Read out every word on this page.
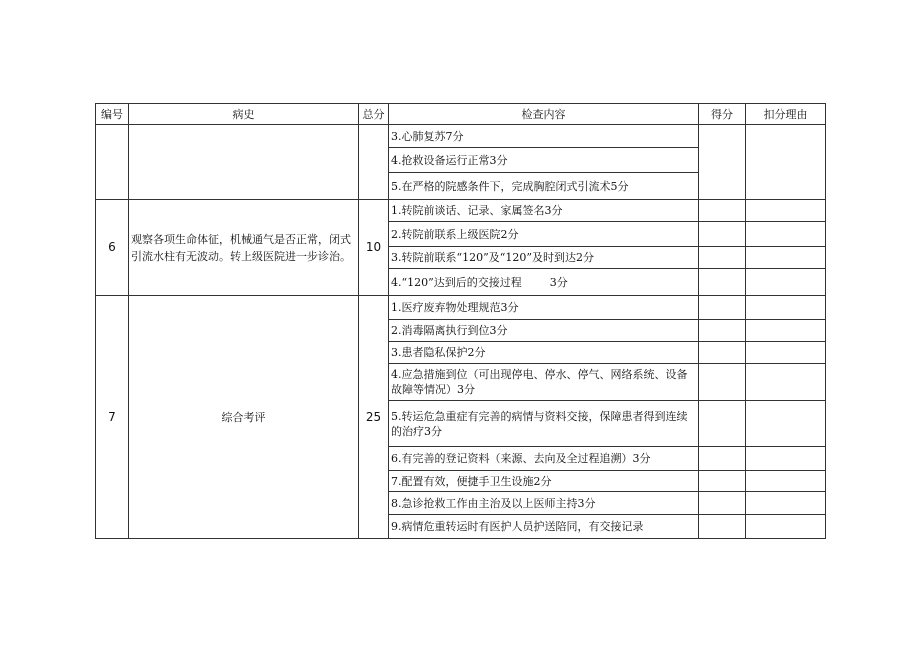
编号	病史	总分	检查内容	得分	扣分理由
			3.心肺复苏7分		
			4.抢救设备运行正常3分		
			5.在严格的院感条件下，完成胸腔闭式引流术5分		
6	观察各项生命体征，机械通气是否正常，闭式引流水柱有无波动。转上级医院进一步诊治。	10	1.转院前谈话、记录、家属签名3分		
			2.转院前联系上级医院2分		
			3.转院前联系“120”及“120”及时到达2分		
			4.“120”达到后的交接过程        3分		
7	综合考评	25	1.医疗废弃物处理规范3分		
			2.消毒隔离执行到位3分		
			3.患者隐私保护2分		
			4.应急措施到位（可出现停电、停水、停气、网络系统、设备故障等情况）3分		
			5.转运危急重症有完善的病情与资料交接，保障患者得到连续的治疗3分		
			6.有完善的登记资料（来源、去向及全过程追溯）3分		
			7.配置有效，便捷手卫生设施2分		
			8.急诊抢救工作由主治及以上医师主持3分		
			9.病情危重转运时有医护人员护送陪同，有交接记录		
